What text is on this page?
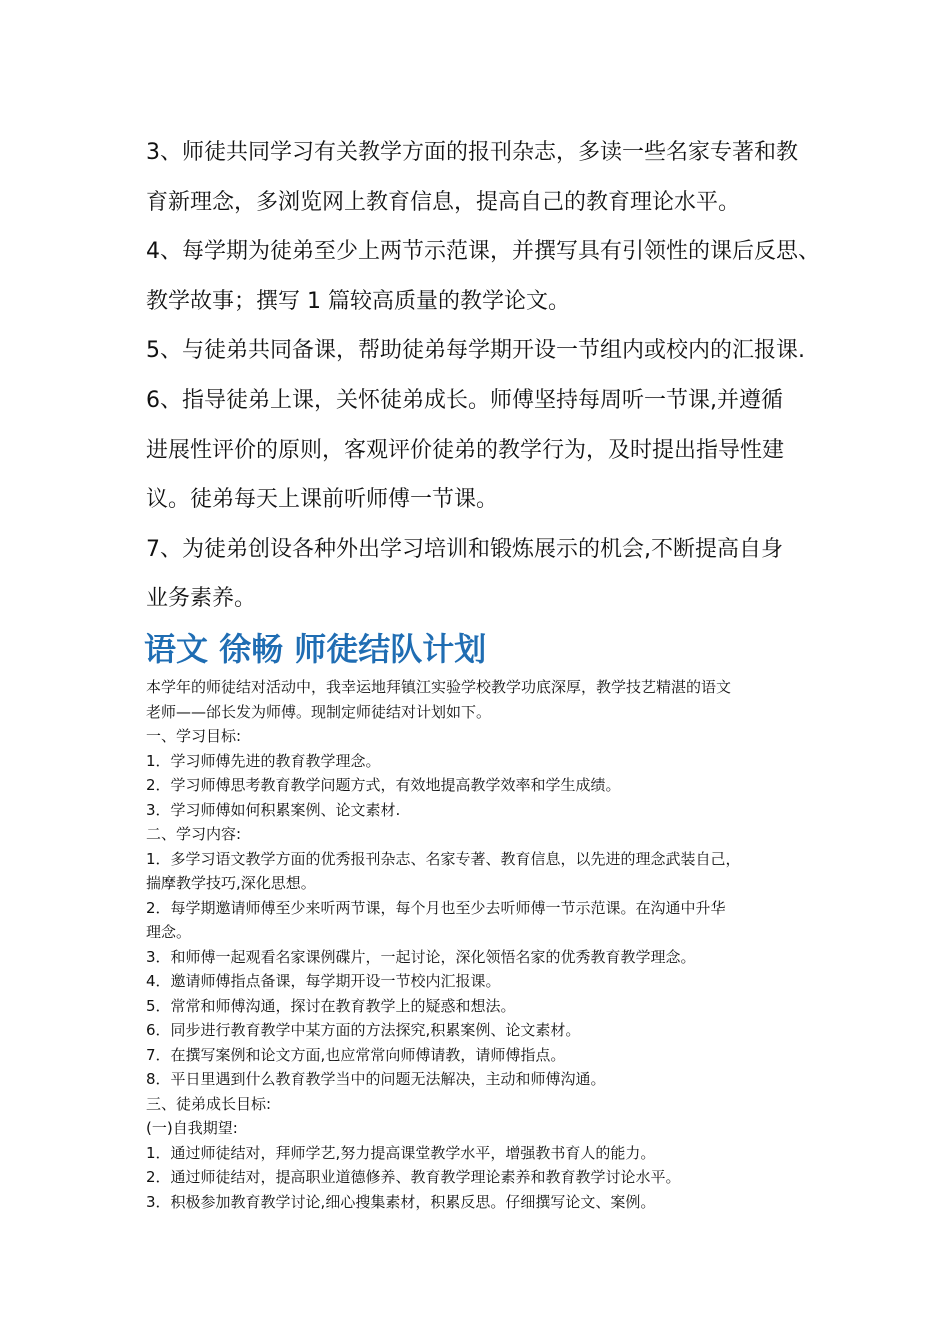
3、师徒共同学习有关教学方面的报刊杂志，多读一些名家专著和教
育新理念，多浏览网上教育信息，提高自己的教育理论水平。
4、每学期为徒弟至少上两节示范课，并撰写具有引领性的课后反思、
教学故事；撰写 1 篇较高质量的教学论文。
5、与徒弟共同备课，帮助徒弟每学期开设一节组内或校内的汇报课.
6、指导徒弟上课，关怀徒弟成长。师傅坚持每周听一节课,并遵循
进展性评价的原则，客观评价徒弟的教学行为，及时提出指导性建
议。徒弟每天上课前听师傅一节课。
7、为徒弟创设各种外出学习培训和锻炼展示的机会,不断提高自身
业务素养。
语文 徐畅 师徒结队计划
本学年的师徒结对活动中，我幸运地拜镇江实验学校教学功底深厚，教学技艺精湛的语文
老师——邰长发为师傅。现制定师徒结对计划如下。
一、学习目标:
1．学习师傅先进的教育教学理念。
2．学习师傅思考教育教学问题方式，有效地提高教学效率和学生成绩。
3．学习师傅如何积累案例、论文素材.
二、学习内容:
1．多学习语文教学方面的优秀报刊杂志、名家专著、教育信息，以先进的理念武装自己，
揣摩教学技巧,深化思想。
2．每学期邀请师傅至少来听两节课，每个月也至少去听师傅一节示范课。在沟通中升华
理念。
3．和师傅一起观看名家课例碟片，一起讨论，深化领悟名家的优秀教育教学理念。
4．邀请师傅指点备课，每学期开设一节校内汇报课。
5．常常和师傅沟通，探讨在教育教学上的疑惑和想法。
6．同步进行教育教学中某方面的方法探究,积累案例、论文素材。
7．在撰写案例和论文方面,也应常常向师傅请教，请师傅指点。
8．平日里遇到什么教育教学当中的问题无法解决，主动和师傅沟通。
三、徒弟成长目标:
(一)自我期望:
1．通过师徒结对，拜师学艺,努力提高课堂教学水平，增强教书育人的能力。
2．通过师徒结对，提高职业道德修养、教育教学理论素养和教育教学讨论水平。
3．积极参加教育教学讨论,细心搜集素材，积累反思。仔细撰写论文、案例。
